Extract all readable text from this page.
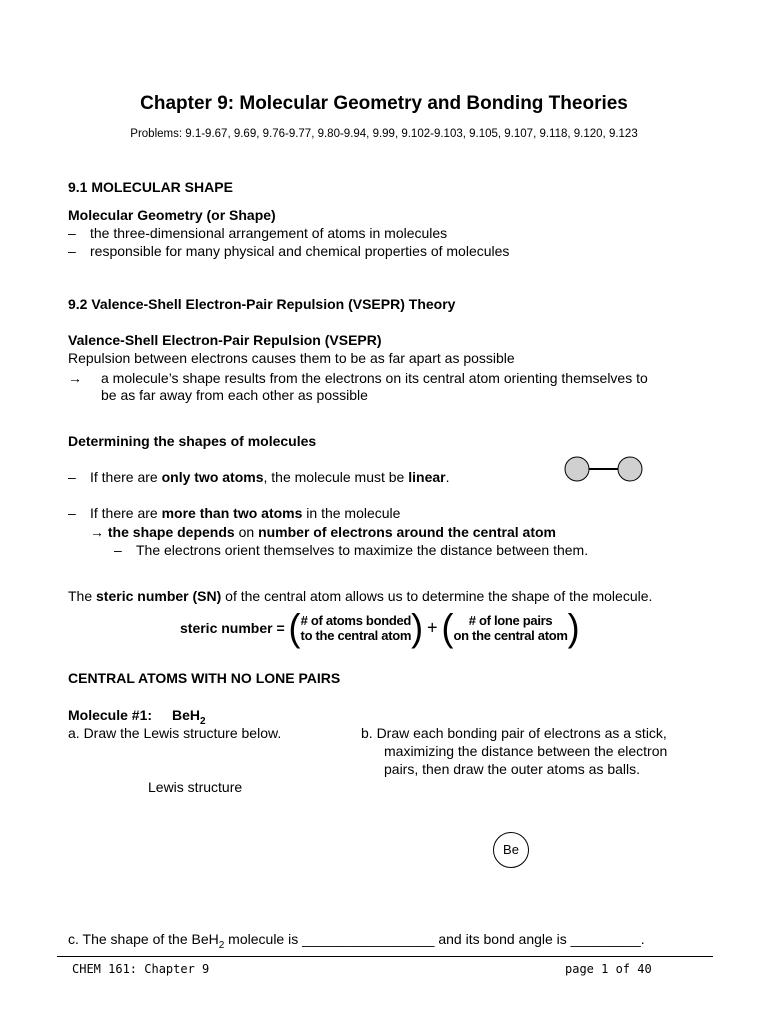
Chapter 9: Molecular Geometry and Bonding Theories
Problems: 9.1-9.67, 9.69, 9.76-9.77, 9.80-9.94, 9.99, 9.102-9.103, 9.105, 9.107, 9.118, 9.120, 9.123
9.1 MOLECULAR SHAPE
Molecular Geometry (or Shape)
– the three-dimensional arrangement of atoms in molecules
– responsible for many physical and chemical properties of molecules
9.2 Valence-Shell Electron-Pair Repulsion (VSEPR) Theory
Valence-Shell Electron-Pair Repulsion (VSEPR)
Repulsion between electrons causes them to be as far apart as possible
→ a molecule’s shape results from the electrons on its central atom orienting themselves to
be as far away from each other as possible
Determining the shapes of molecules
– If there are only two atoms, the molecule must be linear.
– If there are more than two atoms in the molecule
→ the shape depends on number of electrons around the central atom
– The electrons orient themselves to maximize the distance between them.
The steric number (SN) of the central atom allows us to determine the shape of the molecule.
steric number = (# of atoms bonded
to the central atom) + ( # of lone pairs
on the central atom)
CENTRAL ATOMS WITH NO LONE PAIRS
Molecule #1: BeH$_2$
a. Draw the Lewis structure below.	b. Draw each bonding pair of electrons as a stick,
maximizing the distance between the electron
pairs, then draw the outer atoms as balls.
Lewis structure
Be
c. The shape of the BeH$_2$ molecule is _________________ and its bond angle is _________.
CHEM 161: Chapter 9	page 1 of 40
